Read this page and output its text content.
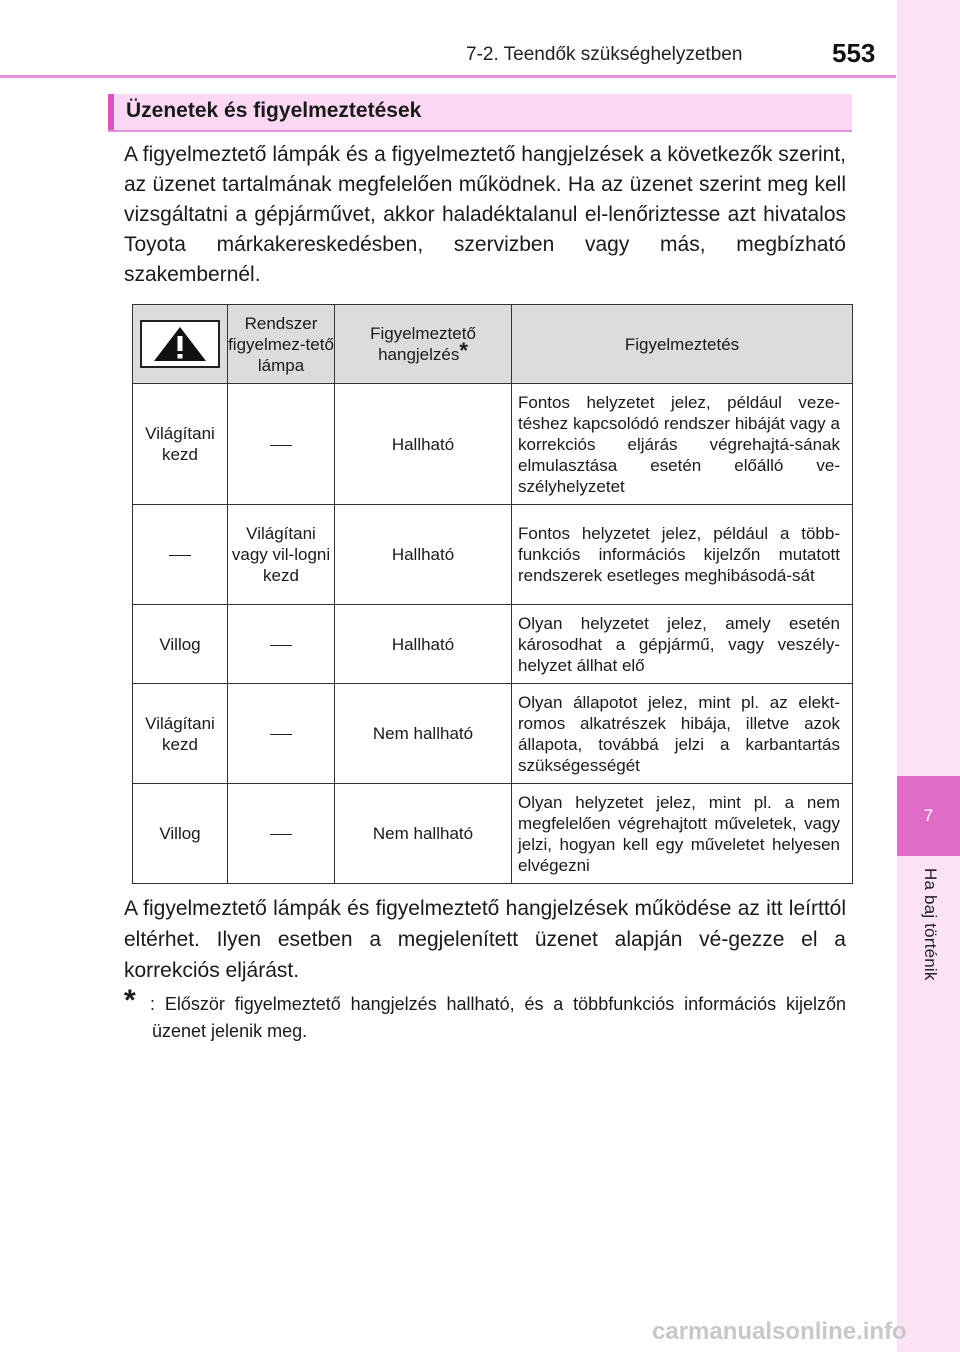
7-2. Teendők szükséghelyzetben	553
7
Ha baj történik
Üzenetek és figyelmeztetések
A figyelmeztető lámpák és a figyelmeztető hangjelzések a következők szerint, az üzenet tartalmának megfelelően működnek. Ha az üzenet szerint meg kell vizsgáltatni a gépjárművet, akkor haladéktalanul el-lenőriztesse azt hivatalos Toyota márkakereskedésben, szervizben vagy más, megbízható szakembernél.
	Rendszer figyelmez-tető lámpa	Figyelmeztető hangjelzés*	Figyelmeztetés
Világítani kezd		Hallható	Fontos helyzetet jelez, például veze-téshez kapcsolódó rendszer hibáját vagy a korrekciós eljárás végrehajtá-sának elmulasztása esetén előálló ve-szélyhelyzetet
	Világítani vagy vil-logni kezd	Hallható	Fontos helyzetet jelez, például a több-funkciós információs kijelzőn mutatott rendszerek esetleges meghibásodá-sát
Villog		Hallható	Olyan helyzetet jelez, amely esetén károsodhat a gépjármű, vagy veszély-helyzet állhat elő
Világítani kezd		Nem hallható	Olyan állapotot jelez, mint pl. az elekt-romos alkatrészek hibája, illetve azok állapota, továbbá jelzi a karbantartás szükségességét
Villog		Nem hallható	Olyan helyzetet jelez, mint pl. a nem megfelelően végrehajtott műveletek, vagy jelzi, hogyan kell egy műveletet helyesen elvégezni
A figyelmeztető lámpák és figyelmeztető hangjelzések működése az itt leírttól eltérhet. Ilyen esetben a megjelenített üzenet alapján vé-gezze el a korrekciós eljárást.
* : Először figyelmeztető hangjelzés hallható, és a többfunkciós információs kijelzőn üzenet jelenik meg.
carmanualsonline.info
